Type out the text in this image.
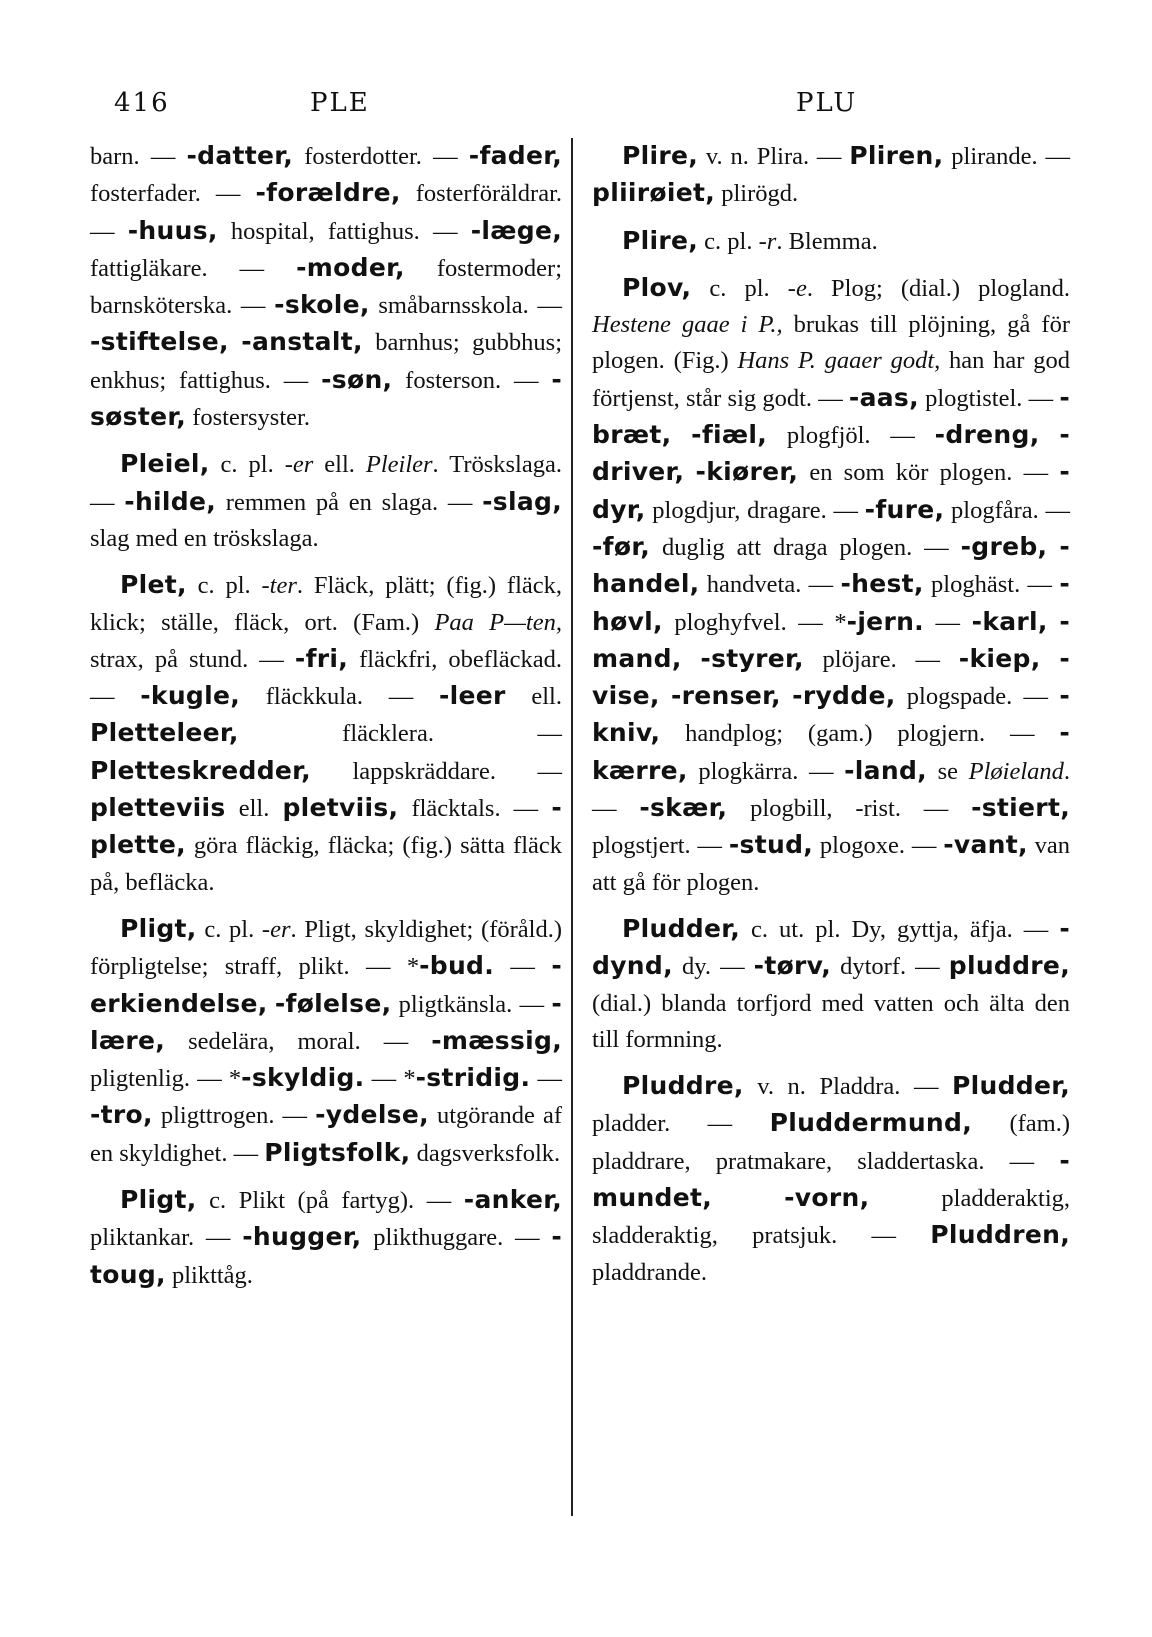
416	PLE	PLU

barn. — -datter, fosterdotter. — -fader, fosterfader. — -forældre, fosterföräldrar. — -huus, hospital, fattighus. — -læge, fattigläkare. — -moder, fostermoder; barnsköterska. — -skole, småbarnsskola. — -stiftelse, -anstalt, barnhus; gubbhus; enkhus; fattighus. — -søn, fosterson. — -søster, fostersyster.

Pleiel, c. pl. -er ell. Pleiler. Tröskslaga. — -hilde, remmen på en slaga. — -slag, slag med en tröskslaga.

Plet, c. pl. -ter. Fläck, plätt; (fig.) fläck, klick; ställe, fläck, ort. (Fam.) Paa P—ten, strax, på stund. — -fri, fläckfri, obefläckad. — -kugle, fläckkula. — -leer ell. Pletteleer, fläcklera. — Pletteskredder, lappskräddare. — pletteviis ell. pletviis, fläcktals. — -plette, göra fläckig, fläcka; (fig.) sätta fläck på, befläcka.

Pligt, c. pl. -er. Pligt, skyldighet; (föråld.) förpligtelse; straff, plikt. — *-bud. — -erkiendelse, -følelse, pligtkänsla. — -lære, sedelära, moral. — -mæssig, pligtenlig. — *-skyldig. — *-stridig. — -tro, pligttrogen. — -ydelse, utgörande af en skyldighet. — Pligtsfolk, dagsverksfolk.

Pligt, c. Plikt (på fartyg). — -anker, pliktankar. — -hugger, plikthuggare. — -toug, plikttåg.

Plire, v. n. Plira. — Pliren, plirande. — pliirøiet, plirögd.

Plire, c. pl. -r. Blemma.

Plov, c. pl. -e. Plog; (dial.) plogland. Hestene gaae i P., brukas till plöjning, gå för plogen. (Fig.) Hans P. gaaer godt, han har god förtjenst, står sig godt. — -aas, plogtistel. — -bræt, -fiæl, plogfjöl. — -dreng, -driver, -kiører, en som kör plogen. — -dyr, plogdjur, dragare. — -fure, plogfåra. — -før, duglig att draga plogen. — -greb, -handel, handveta. — -hest, ploghäst. — -høvl, ploghyfvel. — *-jern. — -karl, -mand, -styrer, plöjare. — -kiep, -vise, -renser, -rydde, plogspade. — -kniv, handplog; (gam.) plogjern. — -kærre, plogkärra. — -land, se Pløieland. — -skær, plogbill, -rist. — -stiert, plogstjert. — -stud, plogoxe. — -vant, van att gå för plogen.

Pludder, c. ut. pl. Dy, gyttja, äfja. — -dynd, dy. — -tørv, dytorf. — pluddre, (dial.) blanda torfjord med vatten och älta den till formning.

Pluddre, v. n. Pladdra. — Pludder, pladder. — Pluddermund, (fam.) pladdrare, pratmakare, sladdertaska. — -mundet,	-vorn, pladderaktig, sladderaktig, pratsjuk. — Pluddren, pladdrande.
